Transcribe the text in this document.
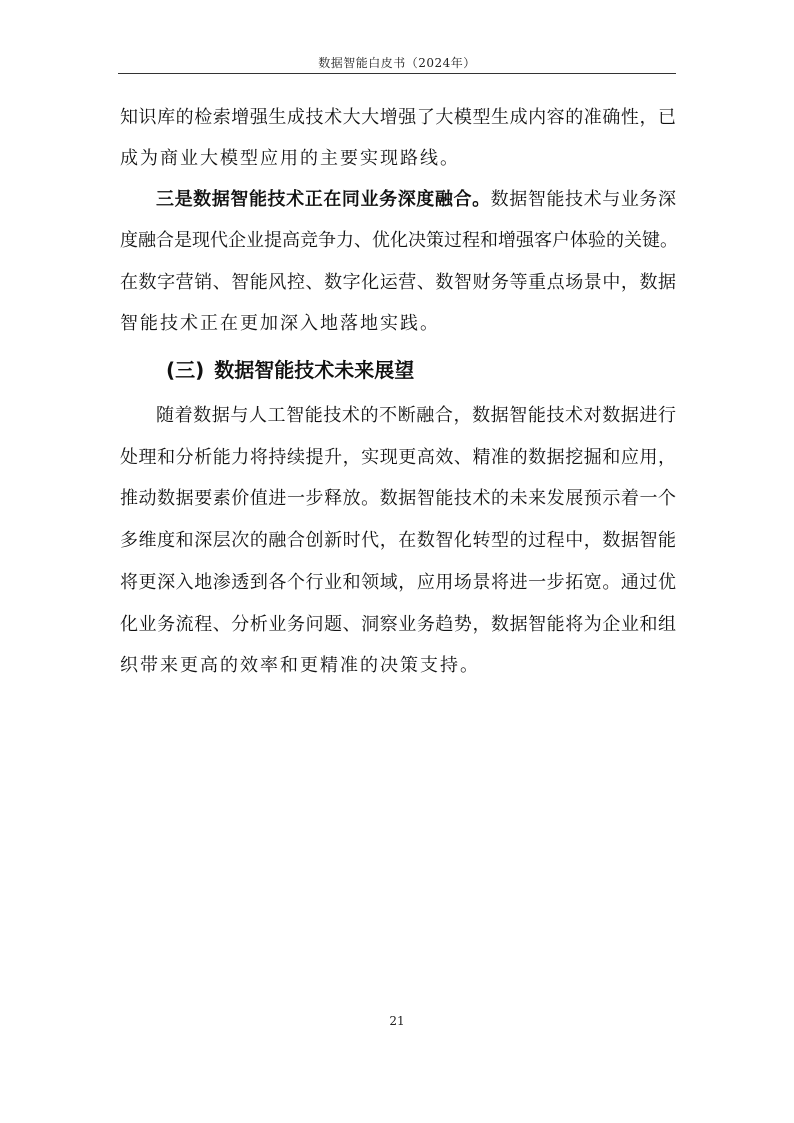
数据智能白皮书（2024年）
知识库的检索增强生成技术大大增强了大模型生成内容的准确性，已
成为商业大模型应用的主要实现路线。
三是数据智能技术正在同业务深度融合。数据智能技术与业务深
度融合是现代企业提高竞争力、优化决策过程和增强客户体验的关键。
在数字营销、智能风控、数字化运营、数智财务等重点场景中，数据
智能技术正在更加深入地落地实践。
(三) 数据智能技术未来展望
随着数据与人工智能技术的不断融合，数据智能技术对数据进行
处理和分析能力将持续提升，实现更高效、精准的数据挖掘和应用，
推动数据要素价值进一步释放。数据智能技术的未来发展预示着一个
多维度和深层次的融合创新时代，在数智化转型的过程中，数据智能
将更深入地渗透到各个行业和领域，应用场景将进一步拓宽。通过优
化业务流程、分析业务问题、洞察业务趋势，数据智能将为企业和组
织带来更高的效率和更精准的决策支持。
21
